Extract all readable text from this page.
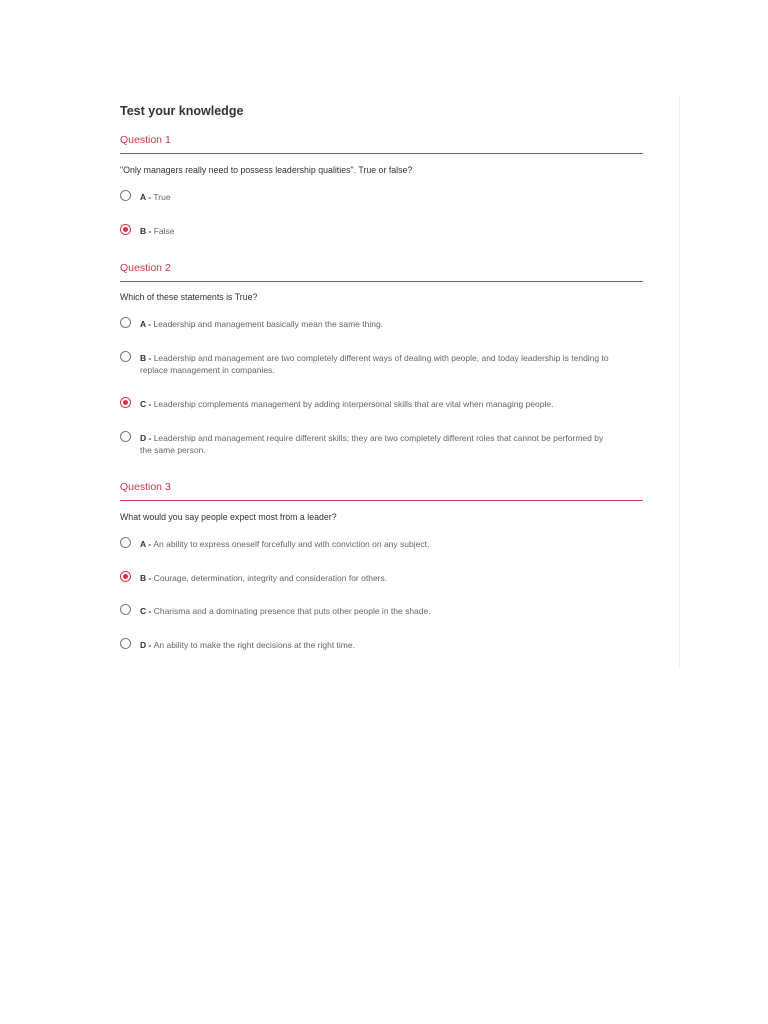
Test your knowledge
Question 1

"Only managers really need to possess leadership qualities". True or false?

A - True
B - False
Question 2

Which of these statements is True?

A - Leadership and management basically mean the same thing.
B - Leadership and management are two completely different ways of dealing with people, and today leadership is tending to replace management in companies.
C - Leadership complements management by adding interpersonal skills that are vital when managing people.
D - Leadership and management require different skills; they are two completely different roles that cannot be performed by the same person.
Question 3

What would you say people expect most from a leader?

A - An ability to express oneself forcefully and with conviction on any subject.
B - Courage, determination, integrity and consideration for others.
C - Charisma and a dominating presence that puts other people in the shade.
D - An ability to make the right decisions at the right time.
